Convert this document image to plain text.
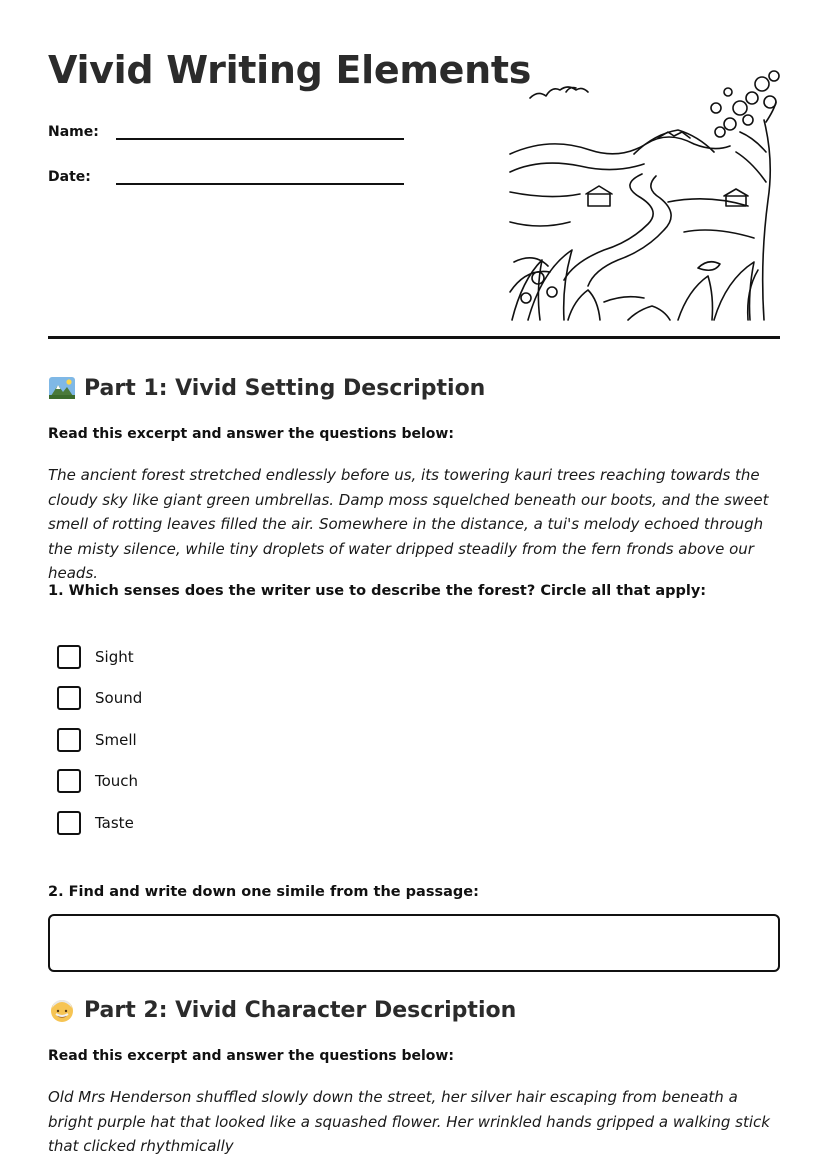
Vivid Writing Elements
Name:
Date:
Part 1: Vivid Setting Description
Read this excerpt and answer the questions below:
The ancient forest stretched endlessly before us, its towering kauri trees reaching towards the cloudy sky like giant green umbrellas. Damp moss squelched beneath our boots, and the sweet smell of rotting leaves filled the air. Somewhere in the distance, a tui's melody echoed through the misty silence, while tiny droplets of water dripped steadily from the fern fronds above our heads.
1. Which senses does the writer use to describe the forest? Circle all that apply:
Sight
Sound
Smell
Touch
Taste
2. Find and write down one simile from the passage:
Part 2: Vivid Character Description
Read this excerpt and answer the questions below:
Old Mrs Henderson shuffled slowly down the street, her silver hair escaping from beneath a bright purple hat that looked like a squashed flower. Her wrinkled hands gripped a walking stick that clicked rhythmically
